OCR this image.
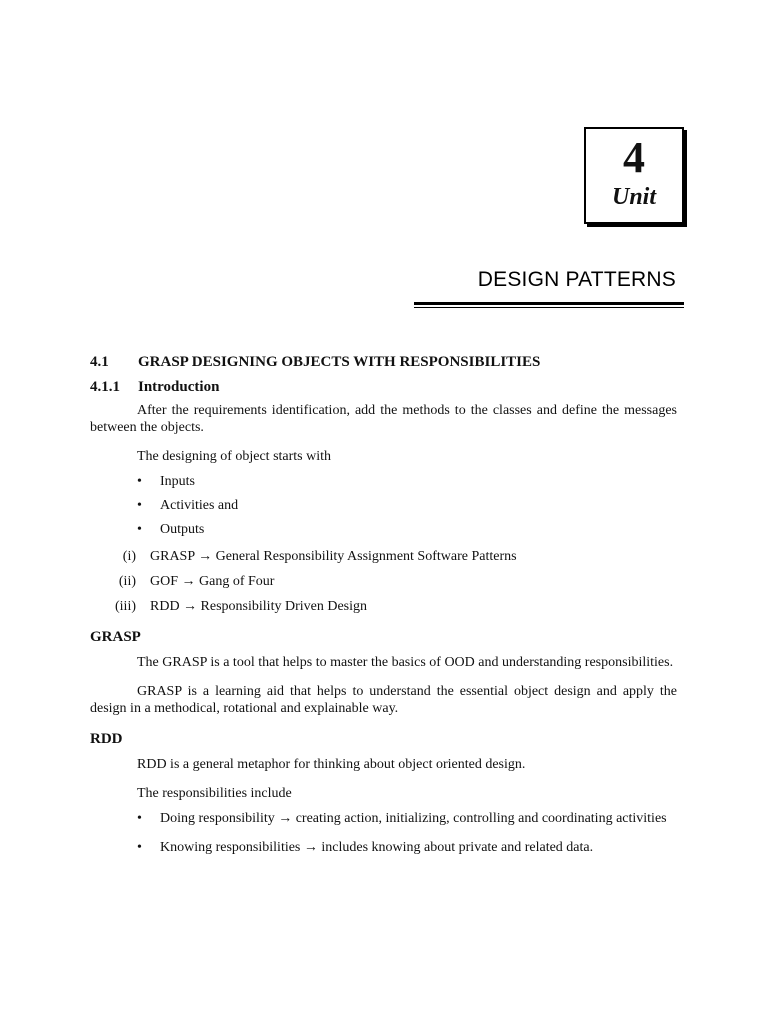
4
Unit
DESIGN PATTERNS
4.1	GRASP DESIGNING OBJECTS WITH RESPONSIBILITIES
4.1.1	Introduction

After the requirements identification, add the methods to the classes and define the messages between the objects.

The designing of object starts with

•	Inputs
•	Activities and
•	Outputs
(i)	GRASP → General Responsibility Assignment Software Patterns
(ii)	GOF → Gang of Four
(iii)	RDD → Responsibility Driven Design
GRASP

The GRASP is a tool that helps to master the basics of OOD and understanding responsibilities.

GRASP is a learning aid that helps to understand the essential object design and apply the design in a methodical, rotational and explainable way.

RDD

RDD is a general metaphor for thinking about object oriented design.

The responsibilities include

•	Doing responsibility → creating action, initializing, controlling and coordinating activities
•	Knowing responsibilities → includes knowing about private and related data.
